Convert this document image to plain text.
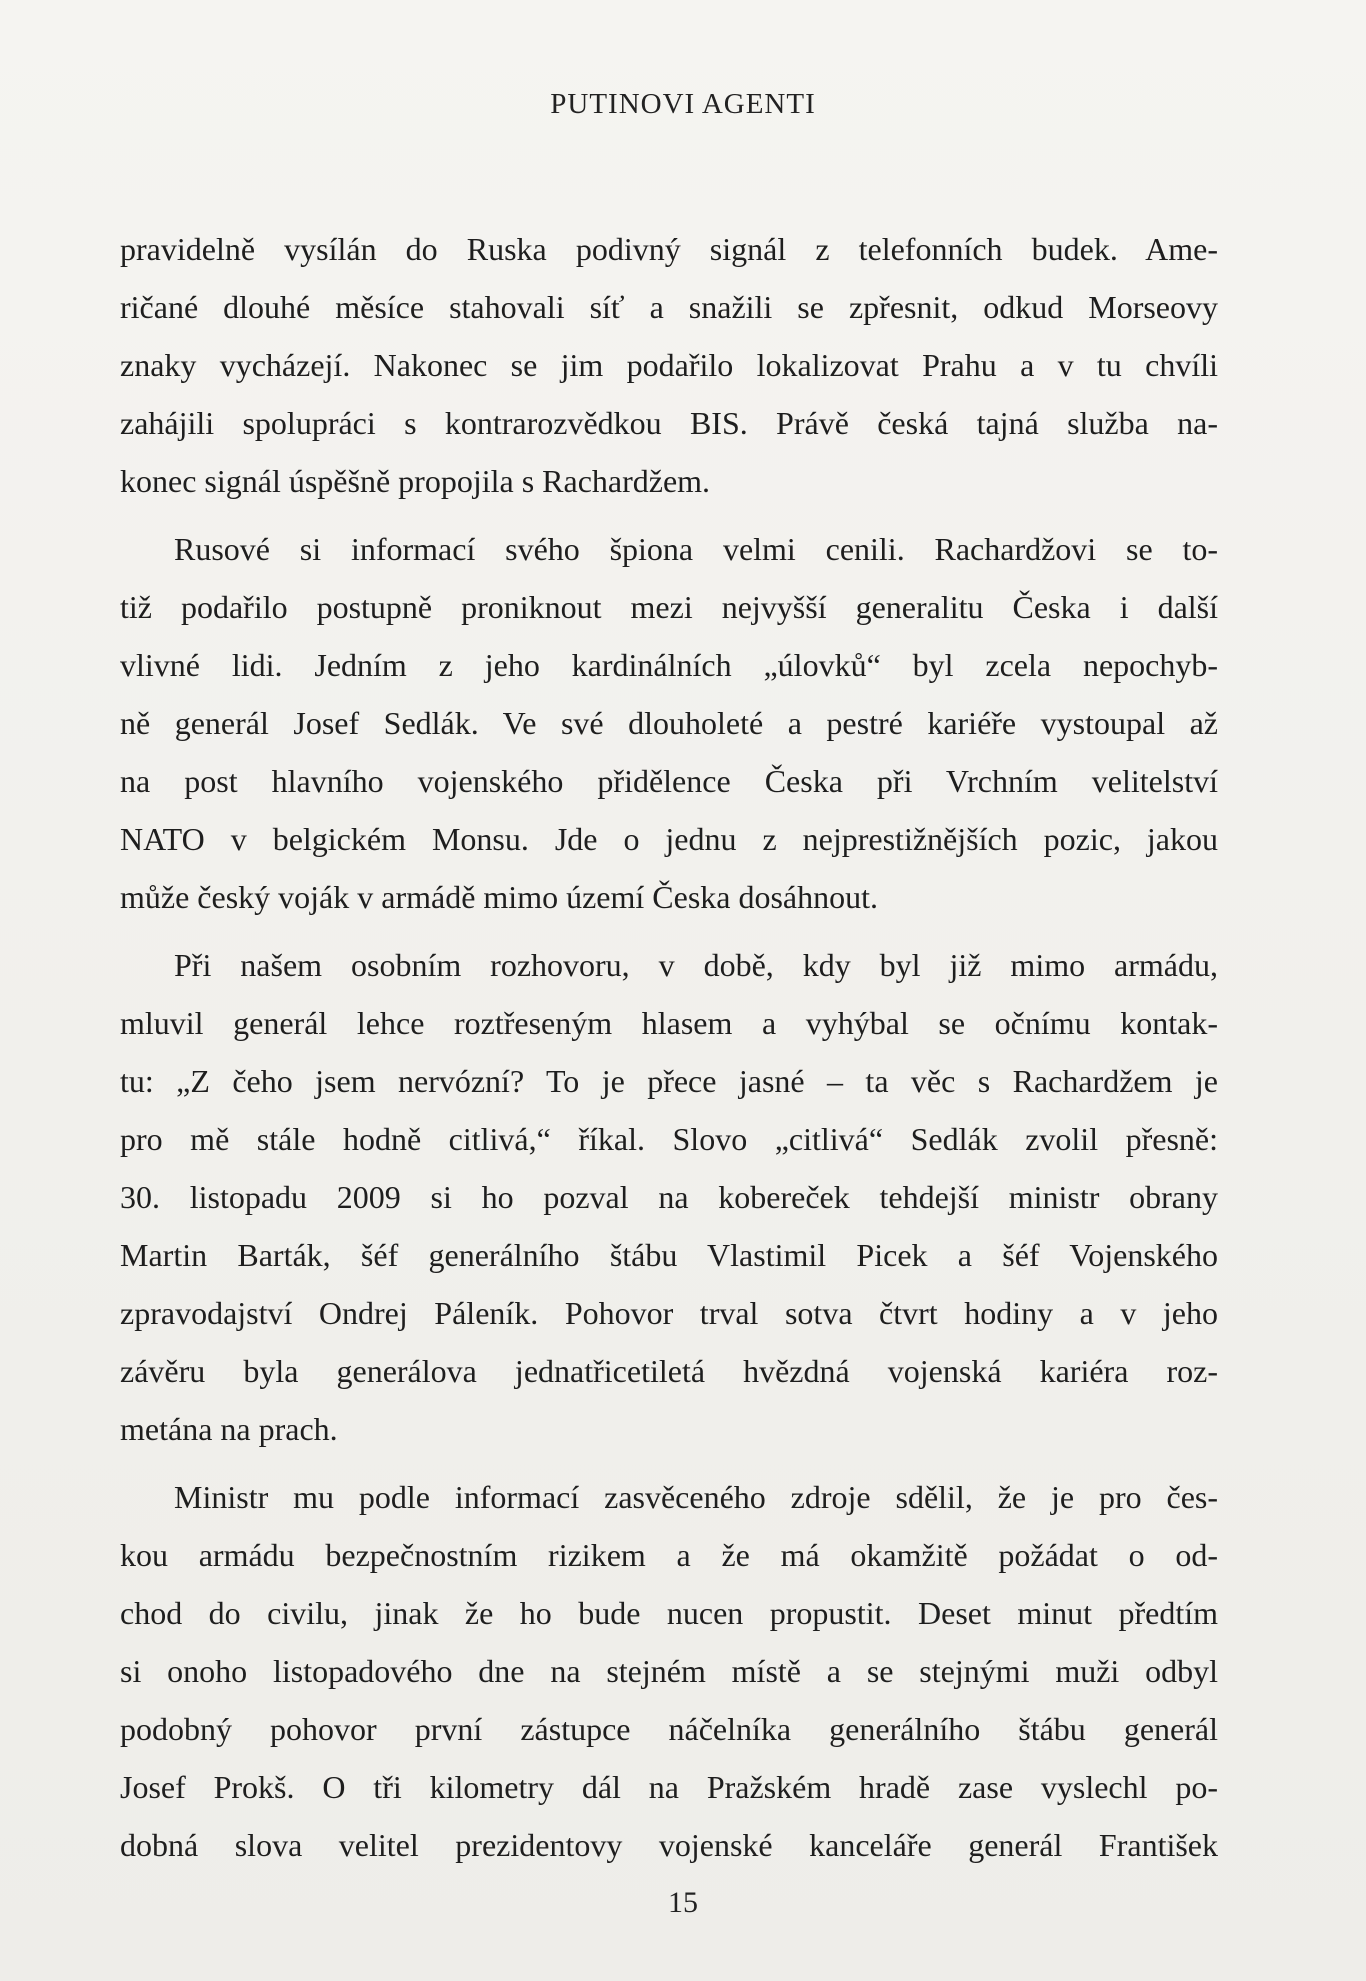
PUTINOVI AGENTI
pravidelně vysílán do Ruska podivný signál z telefonních budek. Ame-
ričané dlouhé měsíce stahovali síť a snažili se zpřesnit, odkud Morseovy
znaky vycházejí. Nakonec se jim podařilo lokalizovat Prahu a v tu chvíli
zahájili spolupráci s kontrarozvědkou BIS. Právě česká tajná služba na-
konec signál úspěšně propojila s Rachardžem.
Rusové si informací svého špiona velmi cenili. Rachardžovi se to-
tiž podařilo postupně proniknout mezi nejvyšší generalitu Česka i další
vlivné lidi. Jedním z jeho kardinálních „úlovků“ byl zcela nepochyb-
ně generál Josef Sedlák. Ve své dlouholeté a pestré kariéře vystoupal až
na post hlavního vojenského přidělence Česka při Vrchním velitelství
NATO v belgickém Monsu. Jde o jednu z nejprestižnějších pozic, jakou
může český voják v armádě mimo území Česka dosáhnout.
Při našem osobním rozhovoru, v době, kdy byl již mimo armádu,
mluvil generál lehce roztřeseným hlasem a vyhýbal se očnímu kontak-
tu: „Z čeho jsem nervózní? To je přece jasné – ta věc s Rachardžem je
pro mě stále hodně citlivá,“ říkal. Slovo „citlivá“ Sedlák zvolil přesně:
30. listopadu 2009 si ho pozval na kobereček tehdejší ministr obrany
Martin Barták, šéf generálního štábu Vlastimil Picek a šéf Vojenského
zpravodajství Ondrej Páleník. Pohovor trval sotva čtvrt hodiny a v jeho
závěru byla generálova jednatřicetiletá hvězdná vojenská kariéra roz-
metána na prach.
Ministr mu podle informací zasvěceného zdroje sdělil, že je pro čes-
kou armádu bezpečnostním rizikem a že má okamžitě požádat o od-
chod do civilu, jinak že ho bude nucen propustit. Deset minut předtím
si onoho listopadového dne na stejném místě a se stejnými muži odbyl
podobný pohovor první zástupce náčelníka generálního štábu generál
Josef Prokš. O tři kilometry dál na Pražském hradě zase vyslechl po-
dobná slova velitel prezidentovy vojenské kanceláře generál František
15
